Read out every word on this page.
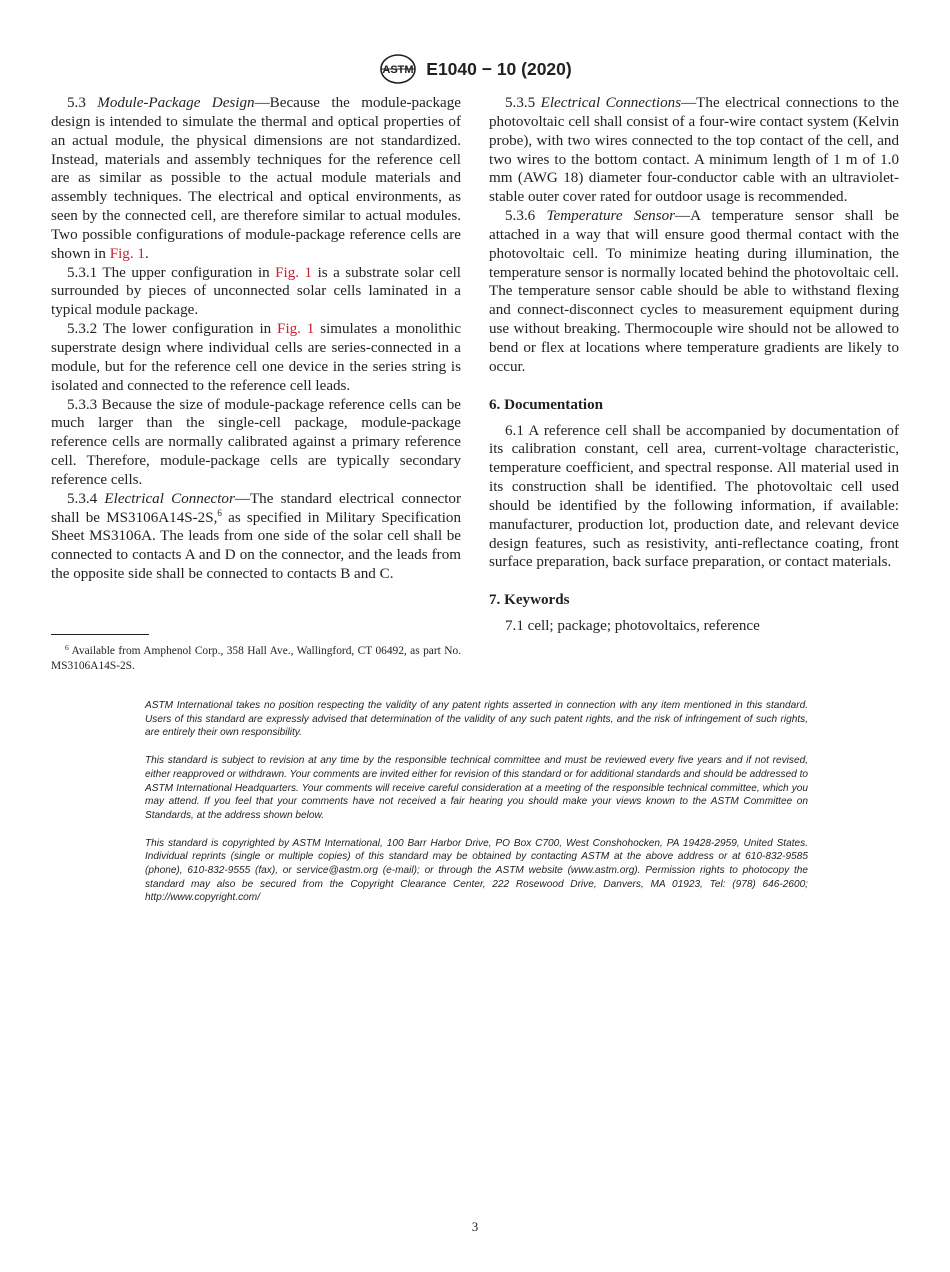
ASTM E1040 − 10 (2020)

5.3 Module-Package Design—Because the module-package design is intended to simulate the thermal and optical properties of an actual module, the physical dimensions are not standardized. Instead, materials and assembly techniques for the reference cell are as similar as possible to the actual module materials and assembly techniques. The electrical and optical environments, as seen by the connected cell, are therefore similar to actual modules. Two possible configurations of module-package reference cells are shown in Fig. 1.

5.3.1 The upper configuration in Fig. 1 is a substrate solar cell surrounded by pieces of unconnected solar cells laminated in a typical module package.

5.3.2 The lower configuration in Fig. 1 simulates a monolithic superstrate design where individual cells are series-connected in a module, but for the reference cell one device in the series string is isolated and connected to the reference cell leads.

5.3.3 Because the size of module-package reference cells can be much larger than the single-cell package, module-package reference cells are normally calibrated against a primary reference cell. Therefore, module-package cells are typically secondary reference cells.

5.3.4 Electrical Connector—The standard electrical connector shall be MS3106A14S-2S,$^6$ as specified in Military Specification Sheet MS3106A. The leads from one side of the solar cell shall be connected to contacts A and D on the connector, and the leads from the opposite side shall be connected to contacts B and C.

$^6$ Available from Amphenol Corp., 358 Hall Ave., Wallingford, CT 06492, as part No. MS3106A14S-2S.

5.3.5 Electrical Connections—The electrical connections to the photovoltaic cell shall consist of a four-wire contact system (Kelvin probe), with two wires connected to the top contact of the cell, and two wires to the bottom contact. A minimum length of 1 m of 1.0 mm (AWG 18) diameter four-conductor cable with an ultraviolet-stable outer cover rated for outdoor usage is recommended.

5.3.6 Temperature Sensor—A temperature sensor shall be attached in a way that will ensure good thermal contact with the photovoltaic cell. To minimize heating during illumination, the temperature sensor is normally located behind the photovoltaic cell. The temperature sensor cable should be able to withstand flexing and connect-disconnect cycles to measurement equipment during use without breaking. Thermocouple wire should not be allowed to bend or flex at locations where temperature gradients are likely to occur.

6. Documentation

6.1 A reference cell shall be accompanied by documentation of its calibration constant, cell area, current-voltage characteristic, temperature coefficient, and spectral response. All material used in its construction shall be identified. The photovoltaic cell used should be identified by the following information, if available: manufacturer, production lot, production date, and relevant device design features, such as resistivity, anti-reflectance coating, front surface preparation, back surface preparation, or contact materials.

7. Keywords

7.1 cell; package; photovoltaics, reference

ASTM International takes no position respecting the validity of any patent rights asserted in connection with any item mentioned in this standard. Users of this standard are expressly advised that determination of the validity of any such patent rights, and the risk of infringement of such rights, are entirely their own responsibility.

This standard is subject to revision at any time by the responsible technical committee and must be reviewed every five years and if not revised, either reapproved or withdrawn. Your comments are invited either for revision of this standard or for additional standards and should be addressed to ASTM International Headquarters. Your comments will receive careful consideration at a meeting of the responsible technical committee, which you may attend. If you feel that your comments have not received a fair hearing you should make your views known to the ASTM Committee on Standards, at the address shown below.

This standard is copyrighted by ASTM International, 100 Barr Harbor Drive, PO Box C700, West Conshohocken, PA 19428-2959, United States. Individual reprints (single or multiple copies) of this standard may be obtained by contacting ASTM at the above address or at 610-832-9585 (phone), 610-832-9555 (fax), or service@astm.org (e-mail); or through the ASTM website (www.astm.org). Permission rights to photocopy the standard may also be secured from the Copyright Clearance Center, 222 Rosewood Drive, Danvers, MA 01923, Tel: (978) 646-2600; http://www.copyright.com/

3
